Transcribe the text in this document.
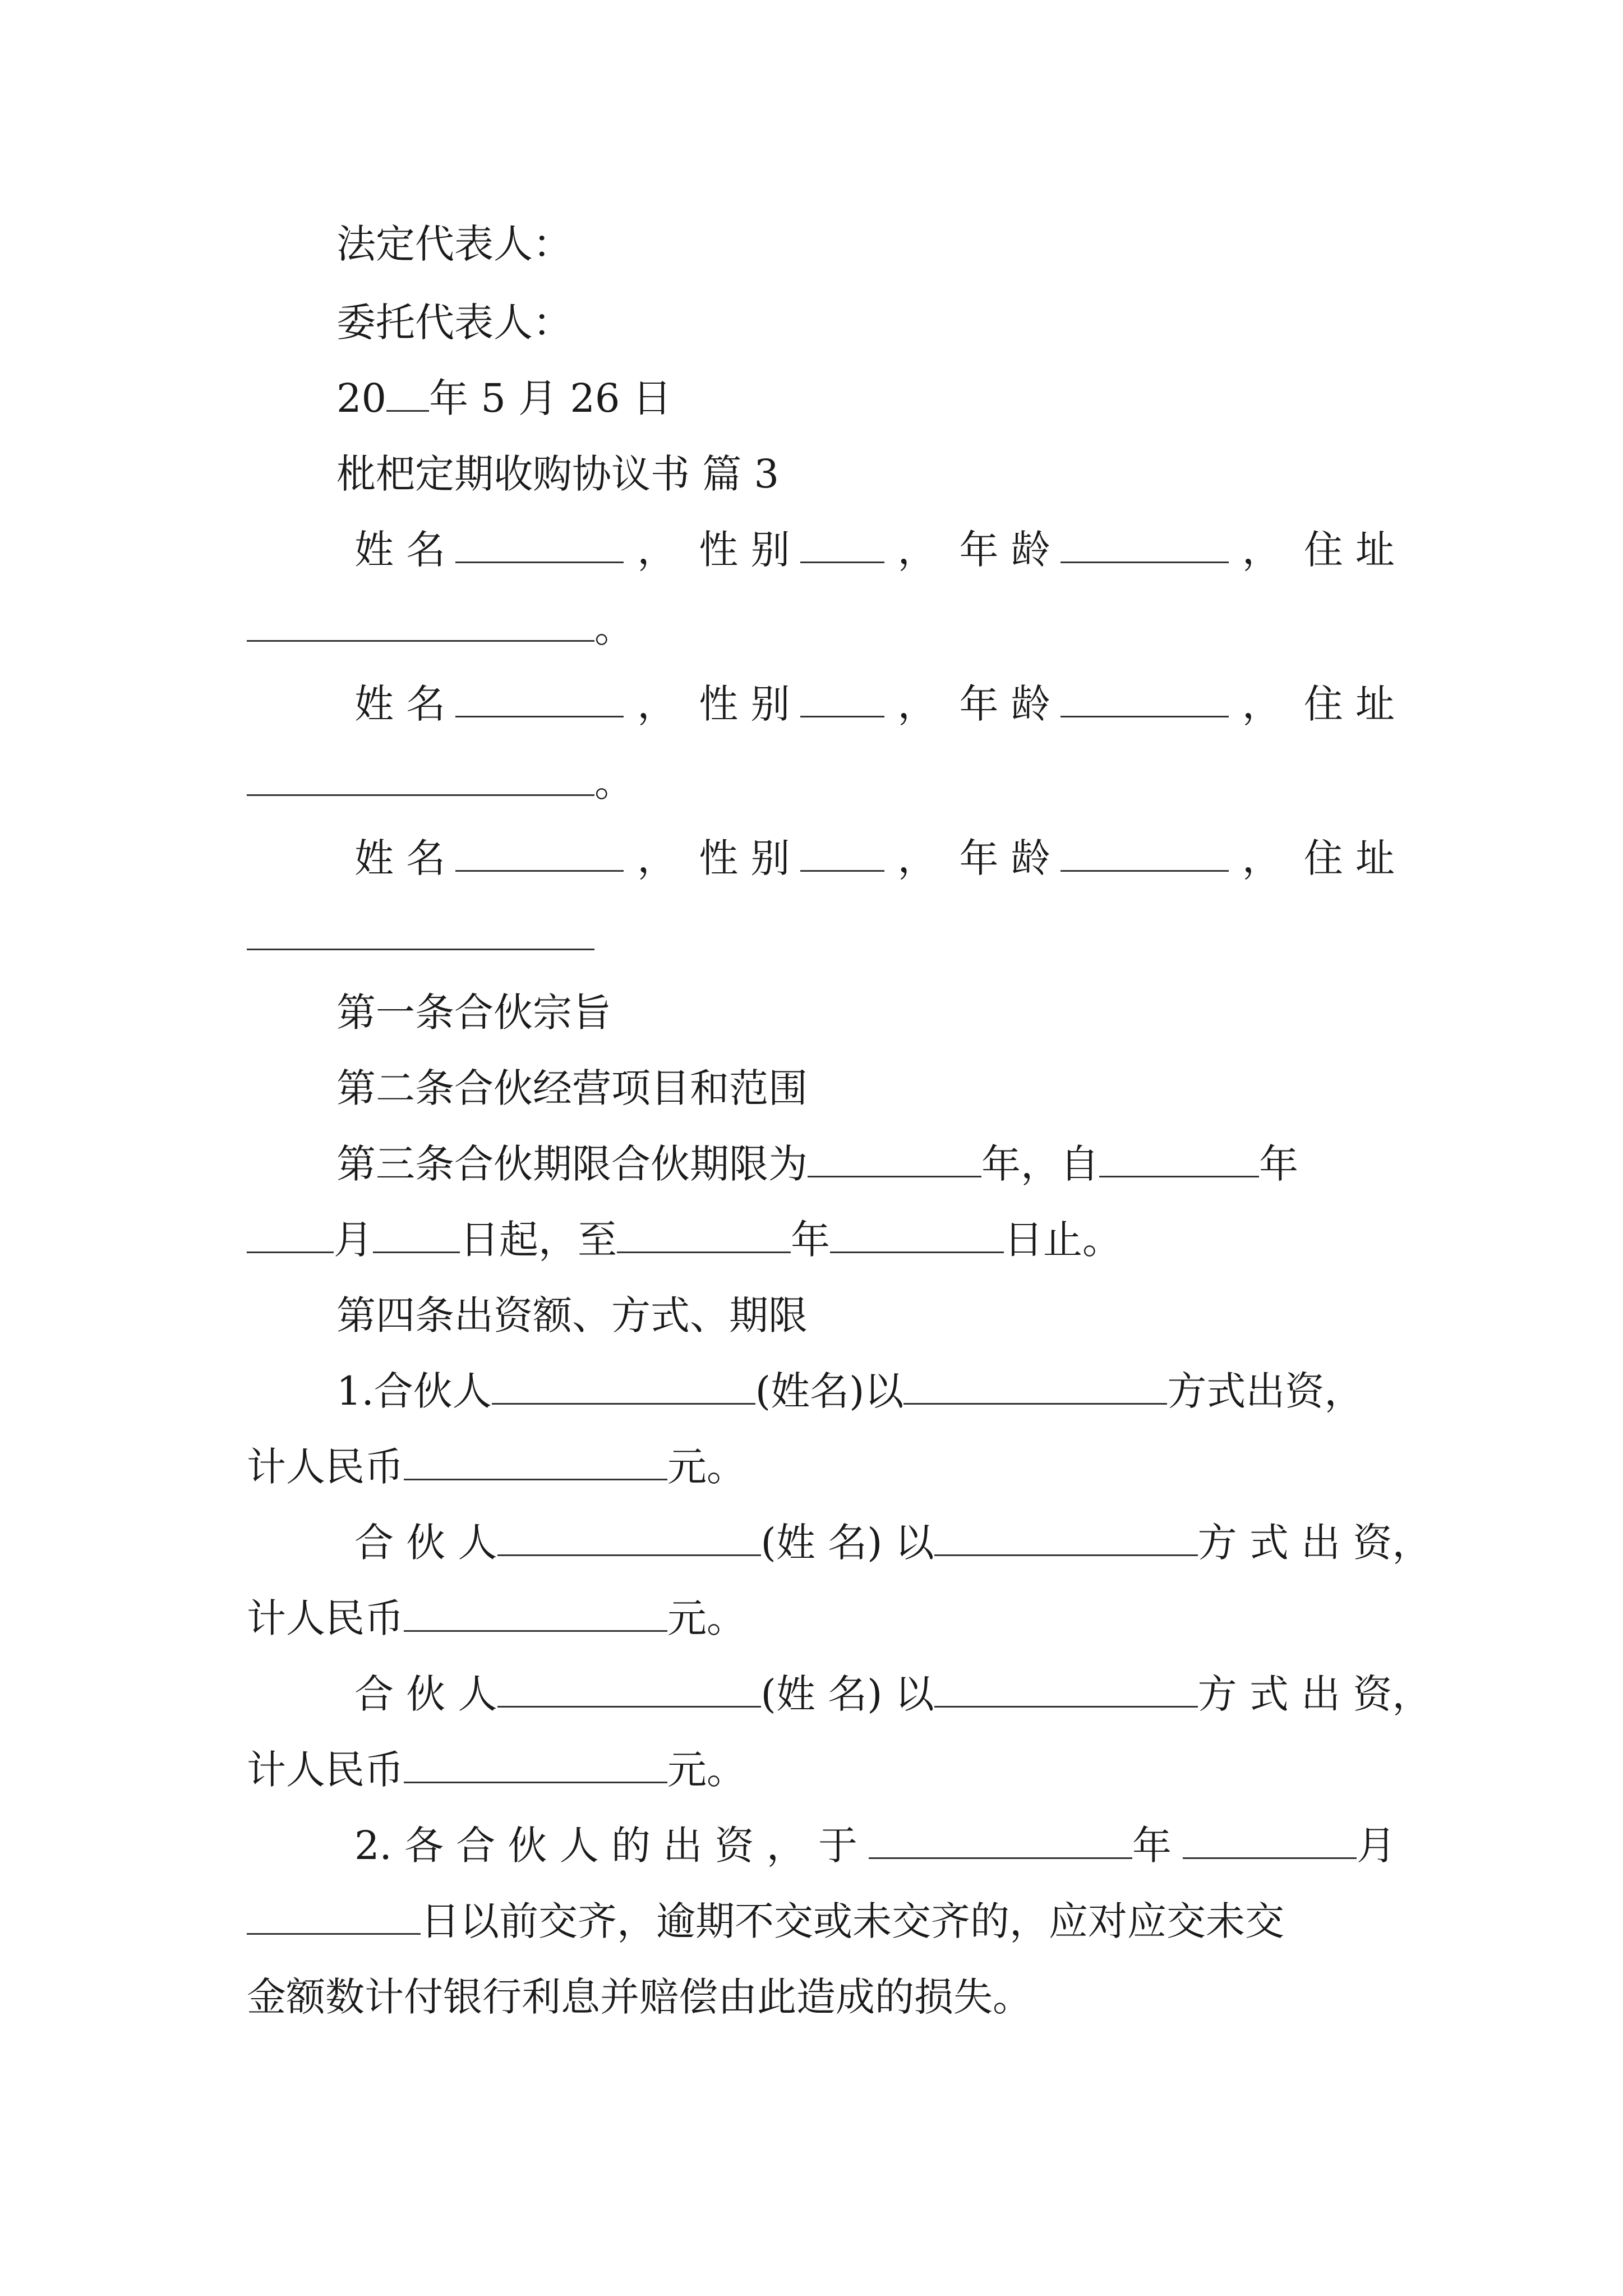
法定代表人：
委托代表人：
20 年 5 月 26 日
枇杷定期收购协议书 篇 3
姓 名	， 性 别	， 年 龄	， 住 址
。
姓 名	， 性 别	， 年 龄	， 住 址
。
姓 名	， 性 别	， 年 龄	， 住 址
第一条合伙宗旨
第二条合伙经营项目和范围
第三条合伙期限合伙期限为	年，自	年
月 日起，至	年	日止。
第四条出资额、方式、期限
1.合伙人	(姓名)以	方式出资，
计人民币	元。
合 伙 人	(姓 名) 以	方 式 出 资，
计人民币	元。
合 伙 人	(姓 名) 以	方 式 出 资，
计人民币	元。
2. 各 合 伙 人 的 出 资 ， 于	年	月
日以前交齐，逾期不交或未交齐的，应对应交未交
金额数计付银行利息并赔偿由此造成的损失。
